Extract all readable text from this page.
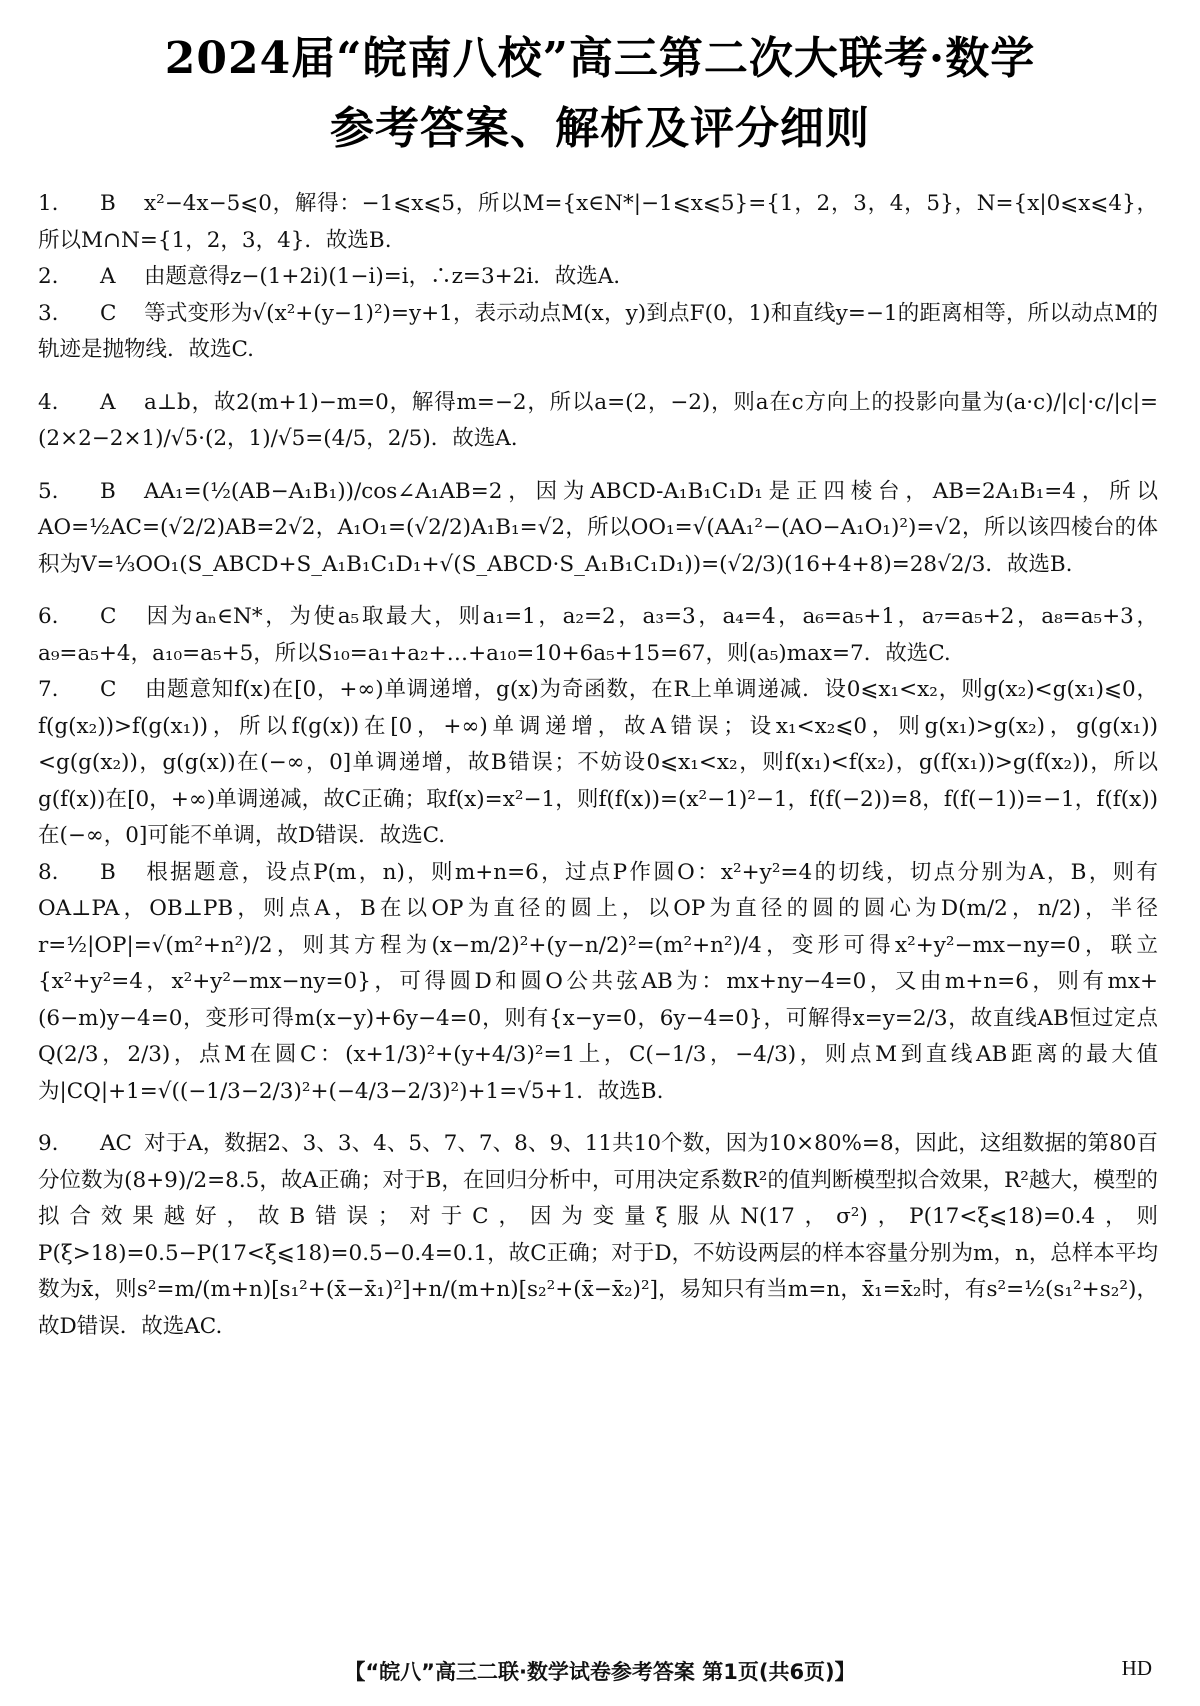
2024届“皖南八校”高三第二次大联考·数学
参考答案、解析及评分细则

1. B x²−4x−5⩽0，解得：−1⩽x⩽5，所以M={x∈N*|−1⩽x⩽5}={1，2，3，4，5}，N={x|0⩽x⩽4}，所以M∩N={1，2，3，4}．故选B.

2. A 由题意得z−(1+2i)(1−i)=i，∴z=3+2i．故选A.

3. C 等式变形为√(x²+(y−1)²)=y+1，表示动点M(x，y)到点F(0，1)和直线y=−1的距离相等，所以动点M的轨迹是抛物线．故选C.

4. A a⊥b，故2(m+1)−m=0，解得m=−2，所以a=(2，−2)，则a在c方向上的投影向量为(a·c)/|c|·c/|c|=(2×2−2×1)/√5·(2，1)/√5=(4/5，2/5)．故选A.

5. B AA₁=(½(AB−A₁B₁))/cos∠A₁AB=2，因为ABCD-A₁B₁C₁D₁是正四棱台，AB=2A₁B₁=4，所以AO=½AC=(√2/2)AB=2√2，A₁O₁=(√2/2)A₁B₁=√2，所以OO₁=√(AA₁²−(AO−A₁O₁)²)=√2，所以该四棱台的体积为V=⅓OO₁(S_ABCD+S_A₁B₁C₁D₁+√(S_ABCD·S_A₁B₁C₁D₁))=(√2/3)(16+4+8)=28√2/3．故选B.

6. C 因为aₙ∈N*，为使a₅取最大，则a₁=1，a₂=2，a₃=3，a₄=4，a₆=a₅+1，a₇=a₅+2，a₈=a₅+3，a₉=a₅+4，a₁₀=a₅+5，所以S₁₀=a₁+a₂+…+a₁₀=10+6a₅+15=67，则(a₅)max=7．故选C.

7. C 由题意知f(x)在[0，+∞)单调递增，g(x)为奇函数，在R上单调递减．设0⩽x₁<x₂，则g(x₂)<g(x₁)⩽0，f(g(x₂))>f(g(x₁))，所以f(g(x))在[0，+∞)单调递增，故A错误；设x₁<x₂⩽0，则g(x₁)>g(x₂)，g(g(x₁))<g(g(x₂))，g(g(x))在(−∞，0]单调递增，故B错误；不妨设0⩽x₁<x₂，则f(x₁)<f(x₂)，g(f(x₁))>g(f(x₂))，所以g(f(x))在[0，+∞)单调递减，故C正确；取f(x)=x²−1，则f(f(x))=(x²−1)²−1，f(f(−2))=8，f(f(−1))=−1，f(f(x))在(−∞，0]可能不单调，故D错误．故选C.

8. B 根据题意，设点P(m，n)，则m+n=6，过点P作圆O：x²+y²=4的切线，切点分别为A，B，则有OA⊥PA，OB⊥PB，则点A，B在以OP为直径的圆上，以OP为直径的圆的圆心为D(m/2，n/2)，半径r=½|OP|=√(m²+n²)/2，则其方程为(x−m/2)²+(y−n/2)²=(m²+n²)/4，变形可得x²+y²−mx−ny=0，联立{x²+y²=4，x²+y²−mx−ny=0}，可得圆D和圆O公共弦AB为：mx+ny−4=0，又由m+n=6，则有mx+(6−m)y−4=0，变形可得m(x−y)+6y−4=0，则有{x−y=0，6y−4=0}，可解得x=y=2/3，故直线AB恒过定点Q(2/3，2/3)，点M在圆C：(x+1/3)²+(y+4/3)²=1上，C(−1/3，−4/3)，则点M到直线AB距离的最大值为|CQ|+1=√((−1/3−2/3)²+(−4/3−2/3)²)+1=√5+1．故选B.

9. AC 对于A，数据2、3、3、4、5、7、7、8、9、11共10个数，因为10×80%=8，因此，这组数据的第80百分位数为(8+9)/2=8.5，故A正确；对于B，在回归分析中，可用决定系数R²的值判断模型拟合效果，R²越大，模型的拟合效果越好，故B错误；对于C，因为变量ξ服从N(17，σ²)，P(17<ξ⩽18)=0.4，则P(ξ>18)=0.5−P(17<ξ⩽18)=0.5−0.4=0.1，故C正确；对于D，不妨设两层的样本容量分别为m，n，总样本平均数为x̄，则s²=m/(m+n)[s₁²+(x̄−x̄₁)²]+n/(m+n)[s₂²+(x̄−x̄₂)²]，易知只有当m=n，x̄₁=x̄₂时，有s²=½(s₁²+s₂²)，故D错误．故选AC.

【“皖八”高三二联·数学试卷参考答案 第1页(共6页)】	HD
